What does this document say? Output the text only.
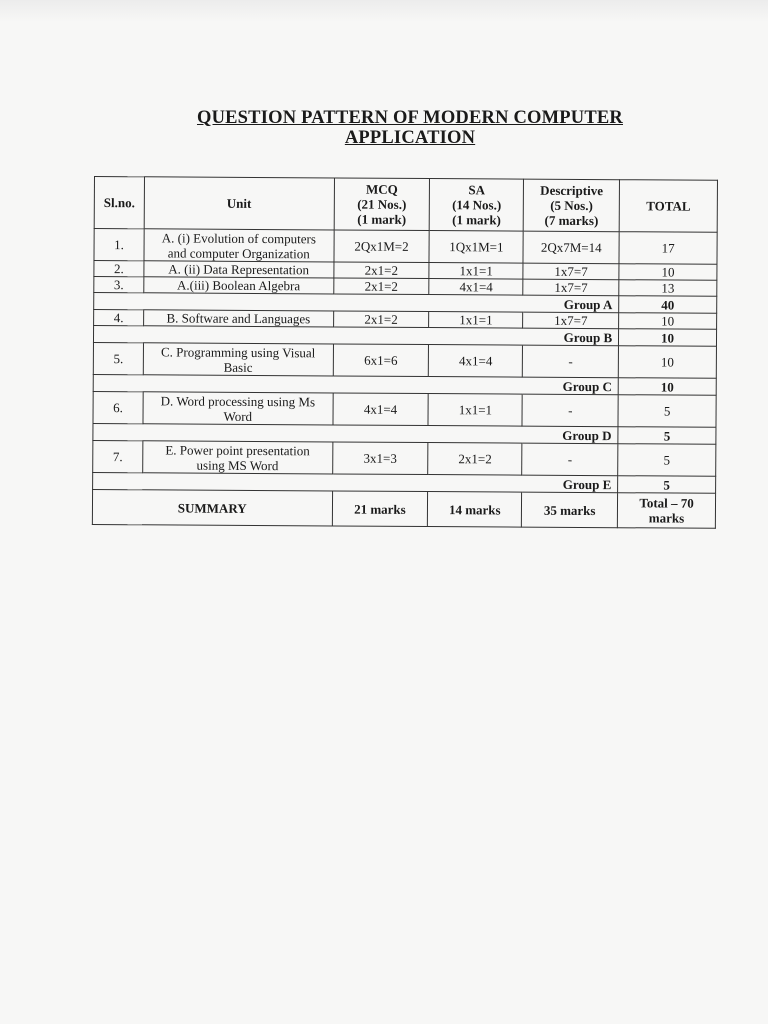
QUESTION PATTERN OF MODERN COMPUTER
APPLICATION
Sl.no.	Unit	MCQ
(21 Nos.)
(1 mark)	SA
(14 Nos.)
(1 mark)	Descriptive
(5 Nos.)
(7 marks)	TOTAL
1.	A. (i) Evolution of computers
and computer Organization	2Qx1M=2	1Qx1M=1	2Qx7M=14	17
2.	A. (ii) Data Representation	2x1=2	1x1=1	1x7=7	10
3.	A.(iii) Boolean Algebra	2x1=2	4x1=4	1x7=7	13
				Group A	40
4.	B. Software and Languages	2x1=2	1x1=1	1x7=7	10
				Group B	10
5.	C. Programming using Visual
Basic	6x1=6	4x1=4	-	10
				Group C	10
6.	D. Word processing using Ms
Word	4x1=4	1x1=1	-	5
				Group D	5
7.	E. Power point presentation
using MS Word	3x1=3	2x1=2	-	5
				Group E	5
SUMMARY		21 marks	14 marks	35 marks	Total – 70
marks
